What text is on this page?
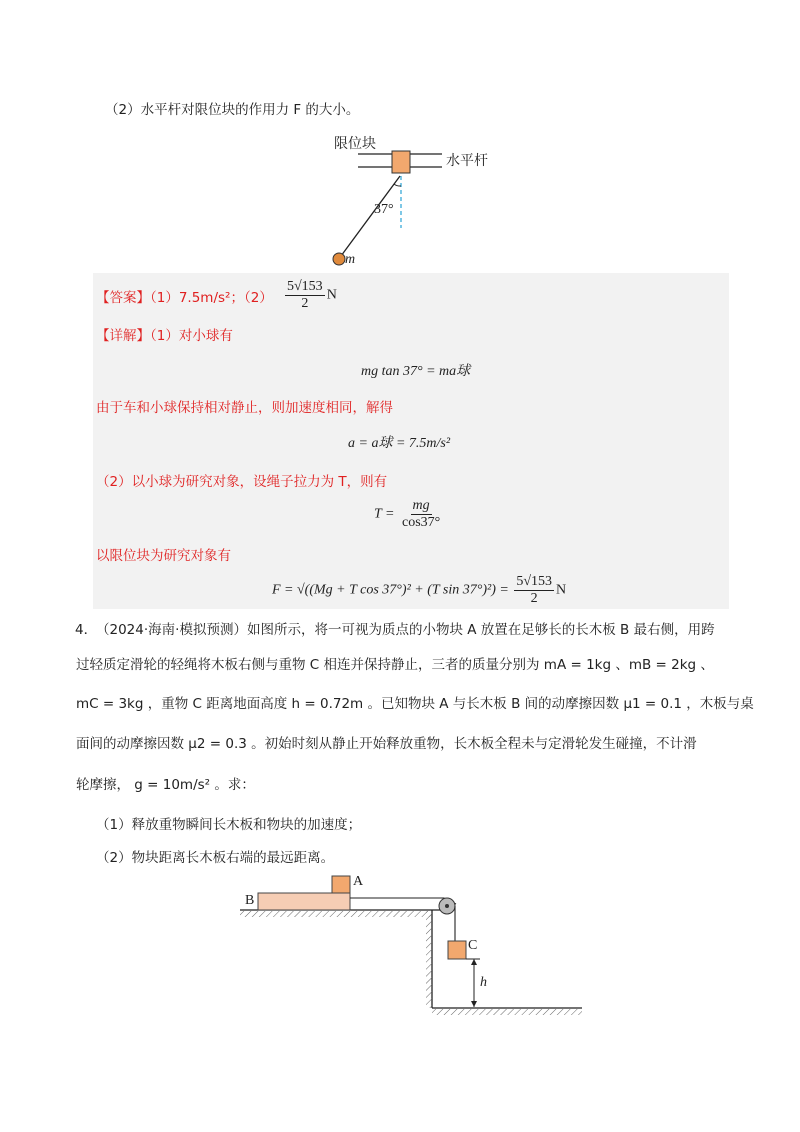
（2）水平杆对限位块的作用力 F 的大小。
限位块
水平杆
37°
m
【答案】（1）7.5m/s²；$(2) \frac{5√153}{2}$ N
【详解】（1）对小球有
mg tan 37° = ma球
由于车和小球保持相对静止，则加速度相同，解得
a = a球 = 7.5m/s²
（2）以小球为研究对象，设绳子拉力为 T，则有
$T = \frac{mg}{\cos 37^\circ}$
以限位块为研究对象有
F = √((Mg + T cos 37°)² + (T $\sin 37^\circ)^2) = \frac{5√153}{2}$ N
4．
（2024·海南·模拟预测）如图所示，将一可视为质点的小物块 A 放置在足够长的长木板 B 最右侧，用跨
过轻质定滑轮的轻绳将木板右侧与重物 C 相连并保持静止，三者的质量分别为 mA = 1kg 、mB = 2kg 、
mC = 3kg ，重物 C 距离地面高度 h = 0.72m 。已知物块 A 与长木板 B 间的动摩擦因数 μ1 = 0.1 ，木板与桌
面间的动摩擦因数 μ2 = 0.3 。初始时刻从静止开始释放重物，长木板全程未与定滑轮发生碰撞，不计滑
轮摩擦， g = 10m/s² 。求：
（1）释放重物瞬间长木板和物块的加速度；
（2）物块距离长木板右端的最远距离。
A
B
C
h
